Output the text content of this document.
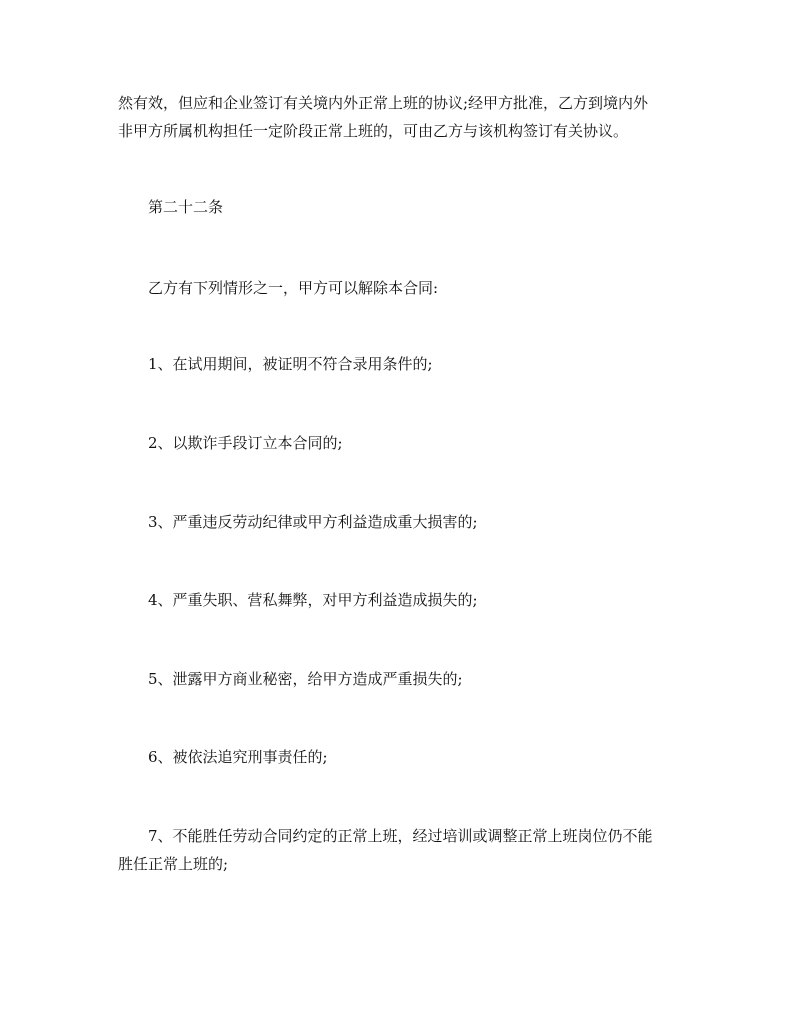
然有效，但应和企业签订有关境内外正常上班的协议;经甲方批准，乙方到境内外
非甲方所属机构担任一定阶段正常上班的，可由乙方与该机构签订有关协议。
第二十二条
乙方有下列情形之一，甲方可以解除本合同:
1、在试用期间，被证明不符合录用条件的;
2、以欺诈手段订立本合同的;
3、严重违反劳动纪律或甲方利益造成重大损害的;
4、严重失职、营私舞弊，对甲方利益造成损失的;
5、泄露甲方商业秘密，给甲方造成严重损失的;
6、被依法追究刑事责任的;
7、不能胜任劳动合同约定的正常上班，经过培训或调整正常上班岗位仍不能
胜任正常上班的;
